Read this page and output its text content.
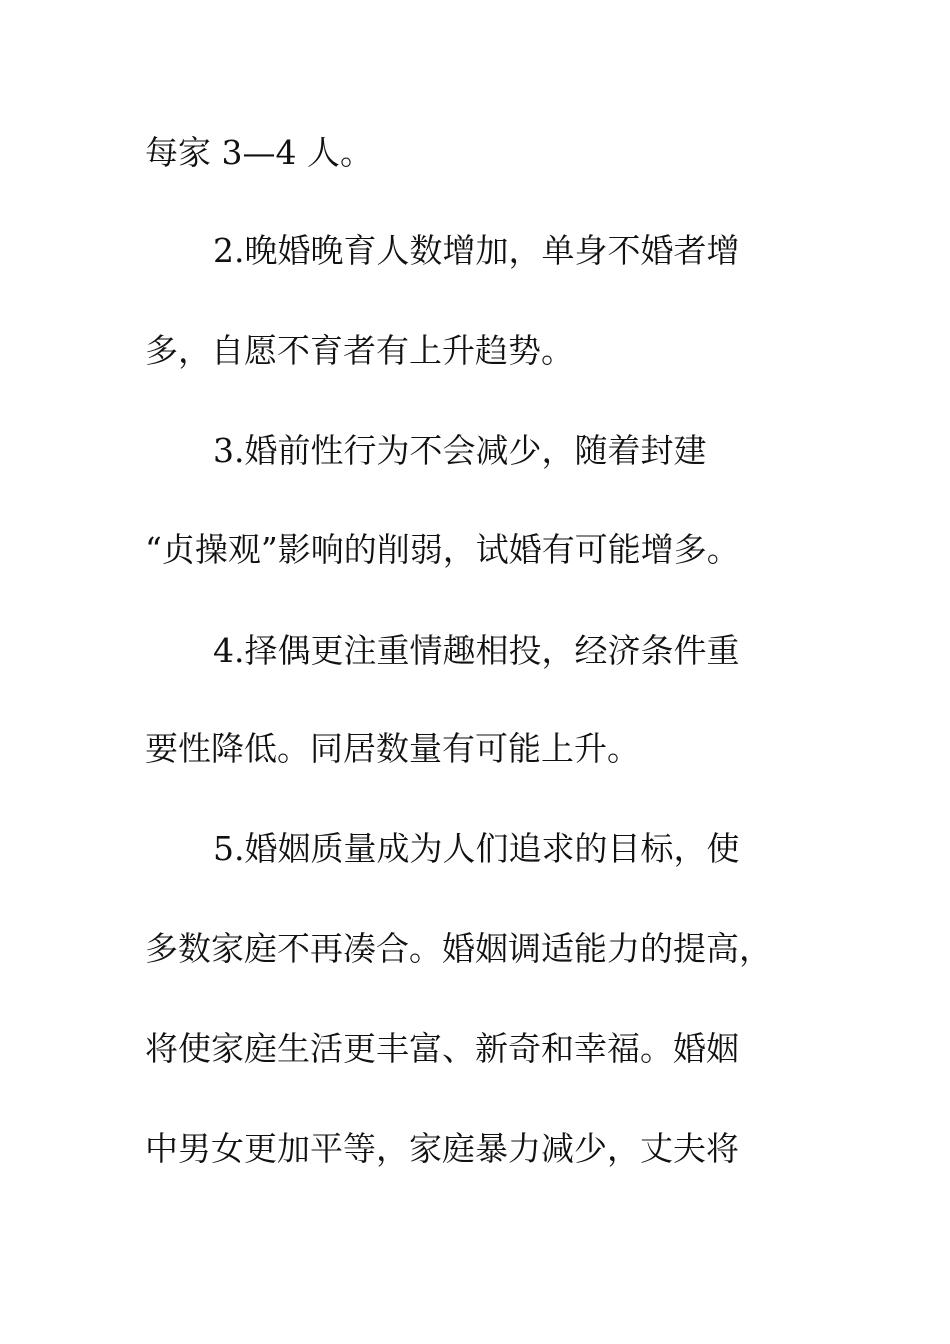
每家 3—4 人。

2.晚婚晚育人数增加，单身不婚者增

多，自愿不育者有上升趋势。

3.婚前性行为不会减少，随着封建

“贞操观”影响的削弱，试婚有可能增多。

4.择偶更注重情趣相投，经济条件重

要性降低。同居数量有可能上升。

5.婚姻质量成为人们追求的目标，使

多数家庭不再凑合。婚姻调适能力的提高，

将使家庭生活更丰富、新奇和幸福。婚姻

中男女更加平等，家庭暴力减少，丈夫将
